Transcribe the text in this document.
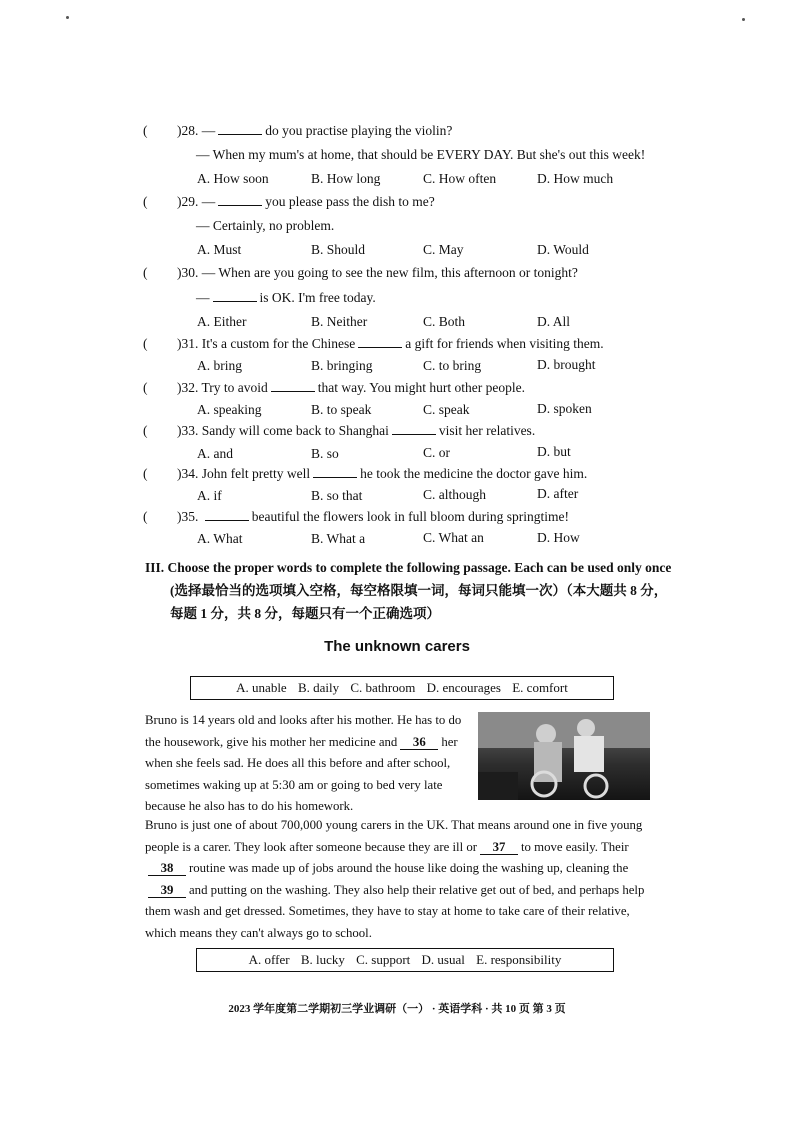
( )28. —	do you practise playing the violin?
— When my mum's at home, that should be EVERY DAY. But she's out this week!
A. How soon	B. How long	C. How often	D. How much
( )29. —	you please pass the dish to me?
— Certainly, no problem.
A. Must	B. Should	C. May	D. Would
( )30. — When are you going to see the new film, this afternoon or tonight?
—	is OK. I'm free today.
A. Either	B. Neither	C. Both	D. All
( )31. It's a custom for the Chinese	a gift for friends when visiting them.
A. bring	B. bringing	C. to bring	D. brought
( )32. Try to avoid	that way. You might hurt other people.
A. speaking	B. to speak	C. speak	D. spoken
( )33. Sandy will come back to Shanghai	visit her relatives.
A. and	B. so	C. or	D. but
( )34. John felt pretty well	he took the medicine the doctor gave him.
A. if	B. so that	C. although	D. after
( )35.	beautiful the flowers look in full bloom during springtime!
A. What	B. What a	C. What an	D. How
III. Choose the proper words to complete the following passage. Each can be used only once
(选择最恰当的选项填入空格，每空格限填一词，每词只能填一次）（本大题共 8 分，
每题 1 分，共 8 分，每题只有一个正确选项）
The unknown carers
A. unable B. daily C. bathroom D. encourages E. comfort
Bruno is 14 years old and looks after his mother. He has to do
the housework, give his mother her medicine and 36 her
when she feels sad. He does all this before and after school,
sometimes waking up at 5:30 am or going to bed very late
because he also has to do his homework.
Bruno is just one of about 700,000 young carers in the UK. That means around one in five young
people is a carer. They look after someone because they are ill or 37 to move easily. Their
38 routine was made up of jobs around the house like doing the washing up, cleaning the
39 and putting on the washing. They also help their relative get out of bed, and perhaps help
them wash and get dressed. Sometimes, they have to stay at home to take care of their relative,
which means they can't always go to school.
A. offer B. lucky C. support D. usual E. responsibility
2023 学年度第二学期初三学业调研（一） · 英语学科 · 共 10 页 第 3 页
